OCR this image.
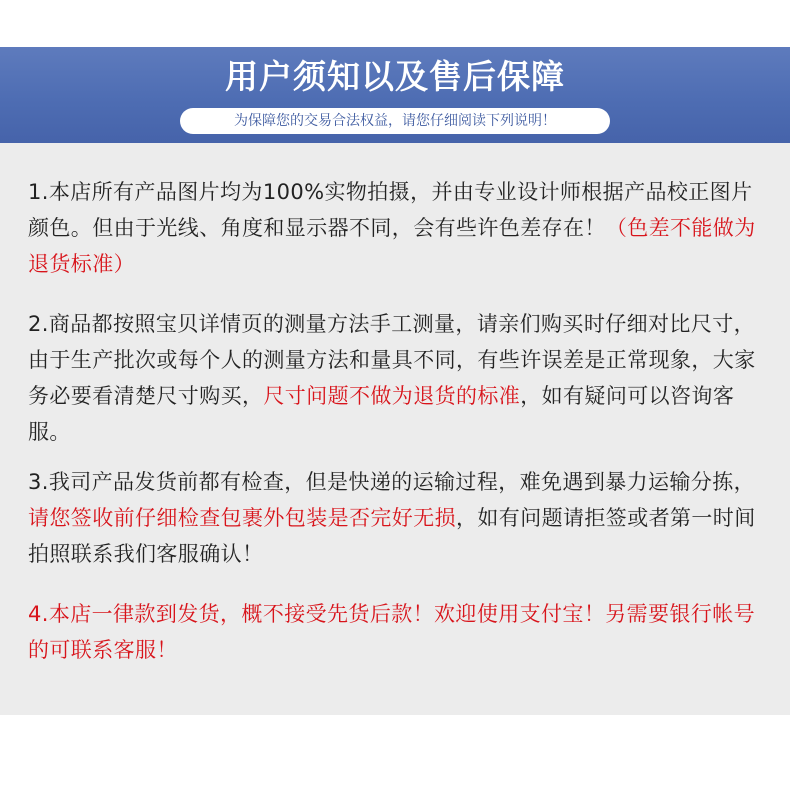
用户须知以及售后保障
为保障您的交易合法权益，请您仔细阅读下列说明！
1.本店所有产品图片均为100%实物拍摄，并由专业设计师根据产品校正图片颜色。但由于光线、角度和显示器不同，会有些许色差存在！（色差不能做为退货标准）
2.商品都按照宝贝详情页的测量方法手工测量，请亲们购买时仔细对比尺寸，由于生产批次或每个人的测量方法和量具不同，有些许误差是正常现象，大家务必要看清楚尺寸购买，尺寸问题不做为退货的标准，如有疑问可以咨询客服。
3.我司产品发货前都有检查，但是快递的运输过程，难免遇到暴力运输分拣，请您签收前仔细检查包裹外包装是否完好无损，如有问题请拒签或者第一时间拍照联系我们客服确认！
4.本店一律款到发货，概不接受先货后款！欢迎使用支付宝！另需要银行帐号的可联系客服！
